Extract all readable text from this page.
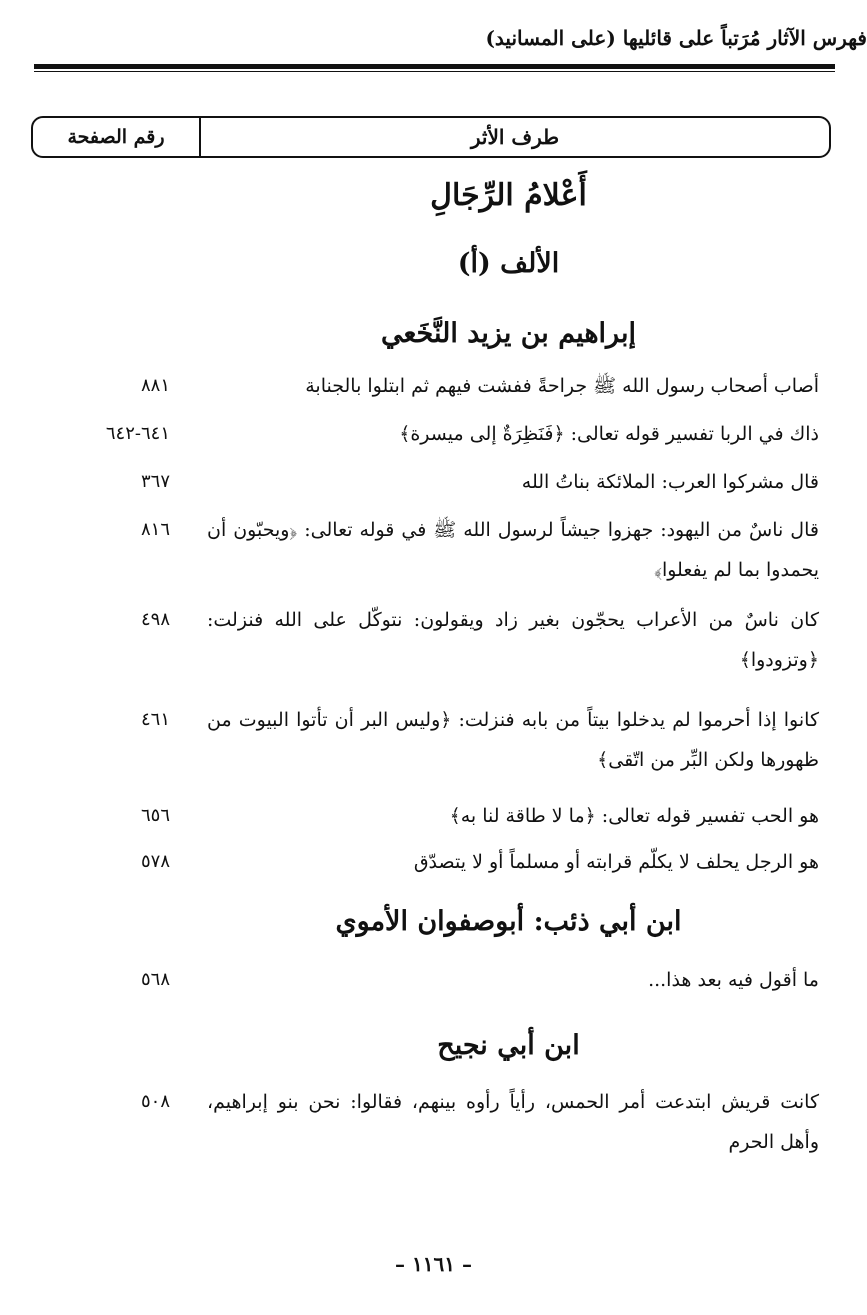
فهرس الآثار مُرَتباً على قائليها (على المسانيد)
رقم الصفحة	طرف الأثر
أَعْلامُ الرِّجَالِ
الألف (أ)
إبراهيم بن يزيد النَّخَعي
أصاب أصحاب رسول الله ﷺ جراحةً ففشت فيهم ثم ابتلوا بالجنابة
٨٨١
ذاك في الربا تفسير قوله تعالى: ﴿فَنَظِرَةٌ إلى ميسرة﴾
٦٤١-٦٤٢
قال مشركوا العرب: الملائكة بناتُ الله
٣٦٧
قال ناسٌ من اليهود: جهزوا جيشاً لرسول الله ﷺ في قوله تعالى: ﴿ويحبّون أن يحمدوا بما لم يفعلوا﴾
٨١٦
كان ناسٌ من الأعراب يحجّون بغير زاد ويقولون: نتوكّل على الله فنزلت: ﴿وتزودوا﴾
٤٩٨
كانوا إذا أحرموا لم يدخلوا بيتاً من بابه فنزلت: ﴿وليس البر أن تأتوا البيوت من ظهورها ولكن البِّر من اتّقى﴾
٤٦١
هو الحب تفسير قوله تعالى: ﴿ما لا طاقة لنا به﴾
٦٥٦
هو الرجل يحلف لا يكلّم قرابته أو مسلماً أو لا يتصدّق
٥٧٨
ابن أبي ذئب: أبوصفوان الأموي
ما أقول فيه بعد هذا...
٥٦٨
ابن أبي نجيح
كانت قريش ابتدعت أمر الحمس، رأياً رأوه بينهم، فقالوا: نحن بنو إبراهيم، وأهل الحرم
٥٠٨
– ١١٦١ –
